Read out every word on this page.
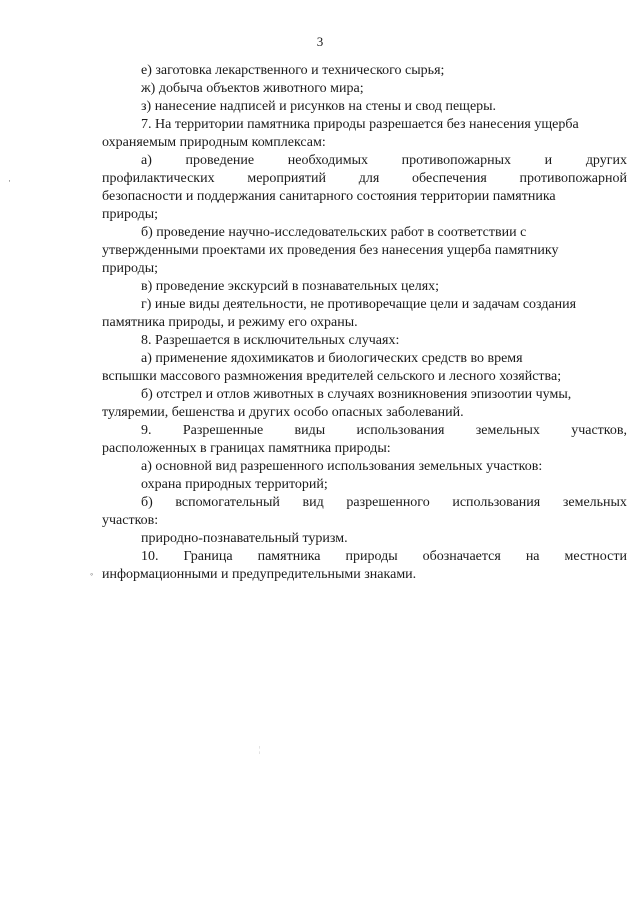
3
е) заготовка лекарственного и технического сырья;
ж) добыча объектов животного мира;
з) нанесение надписей и рисунков на стены и свод пещеры.
7. На территории памятника природы разрешается без нанесения ущерба
охраняемым природным комплексам:
а) проведение необходимых противопожарных и других
профилактических мероприятий для обеспечения противопожарной
безопасности и поддержания санитарного состояния территории памятника
природы;
б) проведение научно-исследовательских работ в соответствии с
утвержденными проектами их проведения без нанесения ущерба памятнику
природы;
в) проведение экскурсий в познавательных целях;
г) иные виды деятельности, не противоречащие цели и задачам создания
памятника природы, и режиму его охраны.
8. Разрешается в исключительных случаях:
а) применение ядохимикатов и биологических средств во время
вспышки массового размножения вредителей сельского и лесного хозяйства;
б) отстрел и отлов животных в случаях возникновения эпизоотии чумы,
туляремии, бешенства и других особо опасных заболеваний.
9. Разрешенные виды использования земельных участков,
расположенных в границах памятника природы:
а) основной вид разрешенного использования земельных участков:
охрана природных территорий;
б) вспомогательный вид разрешенного использования земельных
участков:
природно-познавательный туризм.
10. Граница памятника природы обозначается на местности
информационными и предупредительными знаками.
·
◦
¦
